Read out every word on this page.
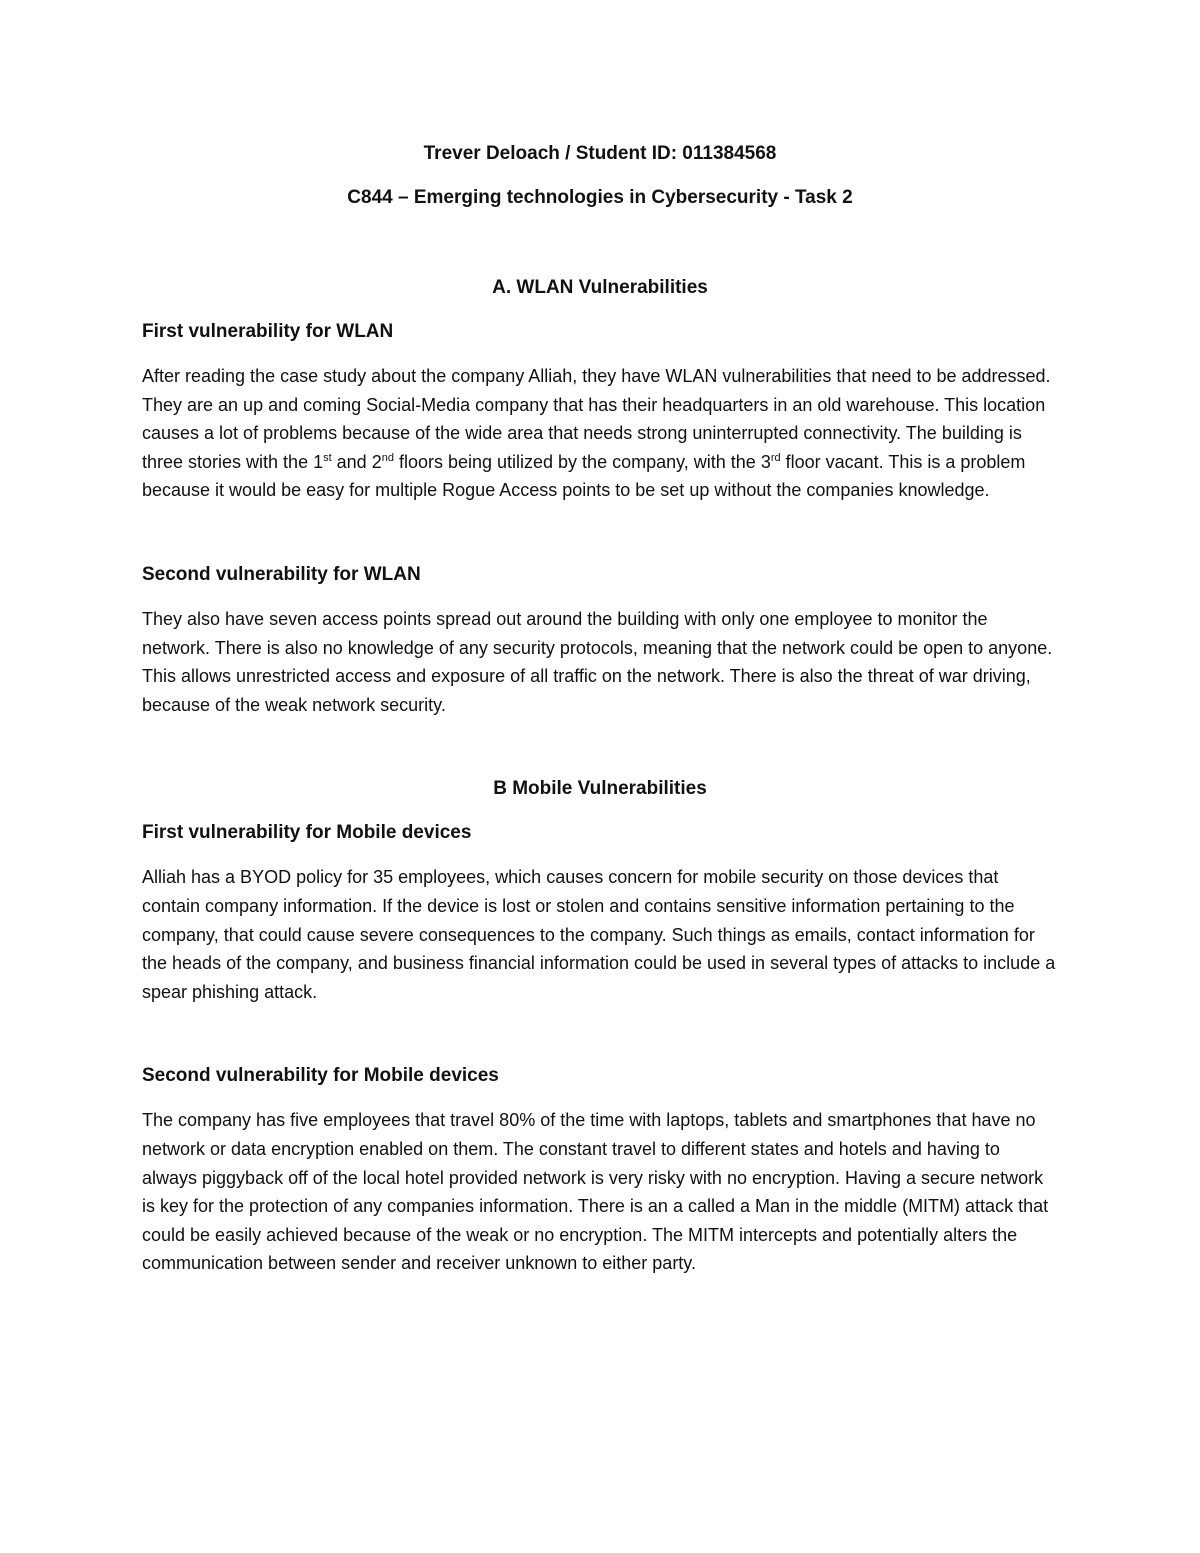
Trever Deloach / Student ID: 011384568

C844 – Emerging technologies in Cybersecurity - Task 2

A. WLAN Vulnerabilities

First vulnerability for WLAN

After reading the case study about the company Alliah, they have WLAN vulnerabilities that need to be addressed. They are an up and coming Social-Media company that has their headquarters in an old warehouse. This location causes a lot of problems because of the wide area that needs strong uninterrupted connectivity. The building is three stories with the 1st and 2nd floors being utilized by the company, with the 3rd floor vacant. This is a problem because it would be easy for multiple Rogue Access points to be set up without the companies knowledge.

Second vulnerability for WLAN

They also have seven access points spread out around the building with only one employee to monitor the network. There is also no knowledge of any security protocols, meaning that the network could be open to anyone. This allows unrestricted access and exposure of all traffic on the network. There is also the threat of war driving, because of the weak network security.

B Mobile Vulnerabilities

First vulnerability for Mobile devices

Alliah has a BYOD policy for 35 employees, which causes concern for mobile security on those devices that contain company information. If the device is lost or stolen and contains sensitive information pertaining to the company, that could cause severe consequences to the company. Such things as emails, contact information for the heads of the company, and business financial information could be used in several types of attacks to include a spear phishing attack.

Second vulnerability for Mobile devices

The company has five employees that travel 80% of the time with laptops, tablets and smartphones that have no network or data encryption enabled on them. The constant travel to different states and hotels and having to always piggyback off of the local hotel provided network is very risky with no encryption. Having a secure network is key for the protection of any companies information. There is an a called a Man in the middle (MITM) attack that could be easily achieved because of the weak or no encryption. The MITM intercepts and potentially alters the communication between sender and receiver unknown to either party.
